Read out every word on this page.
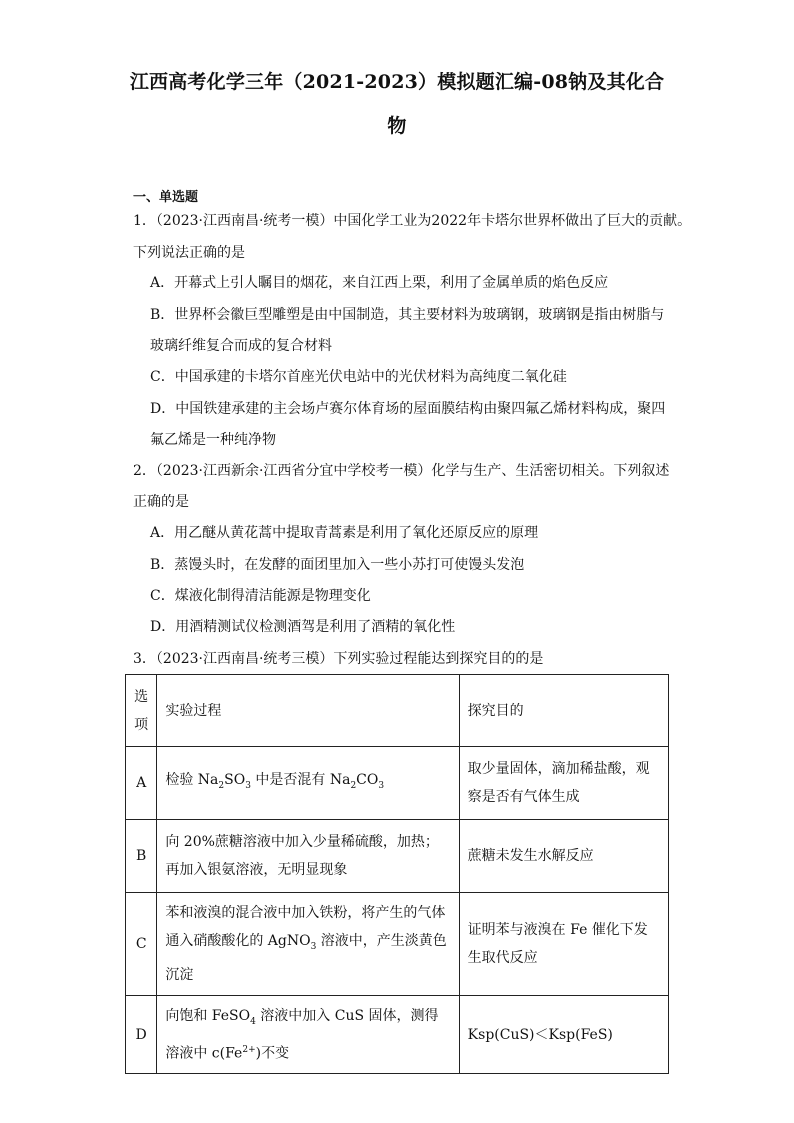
江西高考化学三年（2021-2023）模拟题汇编-08钠及其化合
物
一、单选题
1．（2023·江西南昌·统考一模）中国化学工业为2022年卡塔尔世界杯做出了巨大的贡献。
下列说法正确的是
A．开幕式上引人瞩目的烟花，来自江西上栗，利用了金属单质的焰色反应
B．世界杯会徽巨型雕塑是由中国制造，其主要材料为玻璃钢，玻璃钢是指由树脂与
玻璃纤维复合而成的复合材料
C．中国承建的卡塔尔首座光伏电站中的光伏材料为高纯度二氧化硅
D．中国铁建承建的主会场卢赛尔体育场的屋面膜结构由聚四氟乙烯材料构成，聚四
氟乙烯是一种纯净物
2．（2023·江西新余·江西省分宜中学校考一模）化学与生产、生活密切相关。下列叙述
正确的是
A．用乙醚从黄花蒿中提取青蒿素是利用了氧化还原反应的原理
B．蒸馒头时，在发酵的面团里加入一些小苏打可使馒头发泡
C．煤液化制得清洁能源是物理变化
D．用酒精测试仪检测酒驾是利用了酒精的氧化性
3．（2023·江西南昌·统考三模）下列实验过程能达到探究目的的是
选
项	实验过程	探究目的
A	检验 $Na_2SO_3$ 中是否混有 $Na_2CO_3$	取少量固体，滴加稀盐酸，观察是否有气体生成
B	向 20%蔗糖溶液中加入少量稀硫酸，加热；再加入银氨溶液，无明显现象	蔗糖未发生水解反应
C	苯和液溴的混合液中加入铁粉，将产生的气体通入硝酸酸化的 AgNO$_3$ 溶液中，产生淡黄色沉淀	证明苯与液溴在 Fe 催化下发生取代反应
D	向饱和 FeSO$_4$ 溶液中加入 CuS 固体，测得溶液中 $c(Fe^{2+})$不变	Ksp(CuS)＜Ksp(FeS)
